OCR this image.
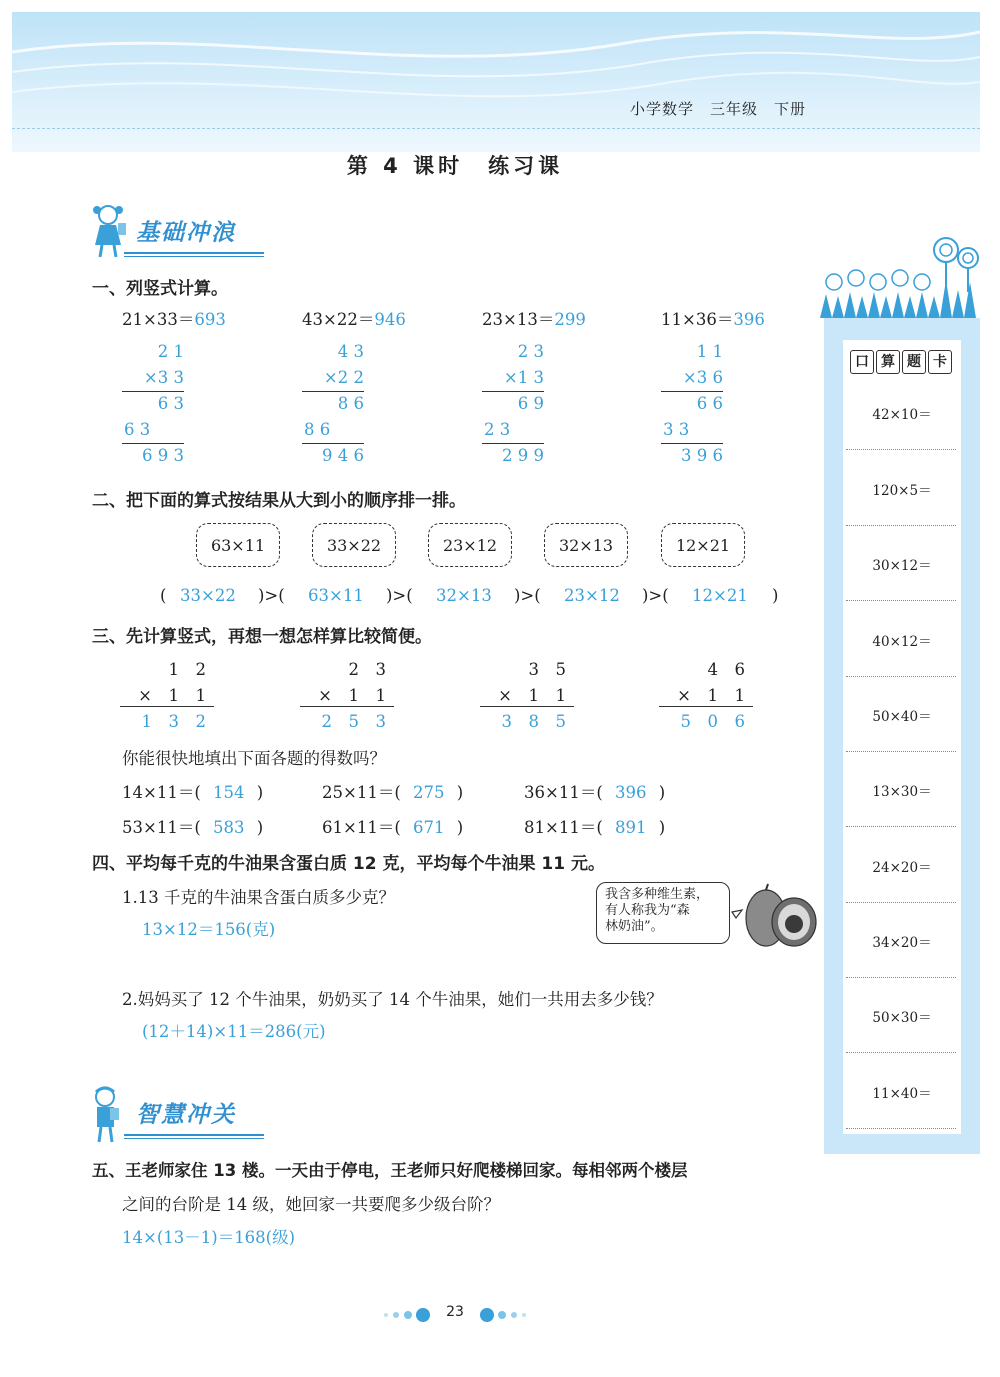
小学数学　三年级　下册
第 4 课时　练习课
基础冲浪
一、列竖式计算。
21×33＝693	43×22＝946	23×13＝299	11×36＝396
2 1
×3 3
6 3
6 3
6 9 3
4 3
×2 2
8 6
8 6
9 4 6
2 3
×1 3
6 9
2 3
2 9 9
1 1
×3 6
6 6
3 3
3 9 6
二、把下面的算式按结果从大到小的顺序排一排。
63×11	33×22	23×12	32×13	12×21
( 33×22 )>( 63×11 )>( 32×13 )>( 23×12 )>( 12×21 )
三、先计算竖式，再想一想怎样算比较简便。
1　2
×　1　1
1　3　2
2　3
×　1　1
2　5　3
3　5
×　1　1
3　8　5
4　6
×　1　1
5　0　6
你能很快地填出下面各题的得数吗？
14×11＝( 154 )	25×11＝( 275 )	36×11＝( 396 )
53×11＝( 583 )	61×11＝( 671 )	81×11＝( 891 )
四、平均每千克的牛油果含蛋白质 12 克，平均每个牛油果 11 元。
1.13 千克的牛油果含蛋白质多少克？
13×12＝156(克)
我含多种维生素，
有人称我为“森
林奶油”。
2.妈妈买了 12 个牛油果，奶奶买了 14 个牛油果，她们一共用去多少钱？
(12＋14)×11＝286(元)
智慧冲关
五、王老师家住 13 楼。一天由于停电，王老师只好爬楼梯回家。每相邻两个楼层
之间的台阶是 14 级，她回家一共要爬多少级台阶？
14×(13－1)＝168(级)
口 算 题 卡
42×10＝
120×5＝
30×12＝
40×12＝
50×40＝
13×30＝
24×20＝
34×20＝
50×30＝
11×40＝
23
